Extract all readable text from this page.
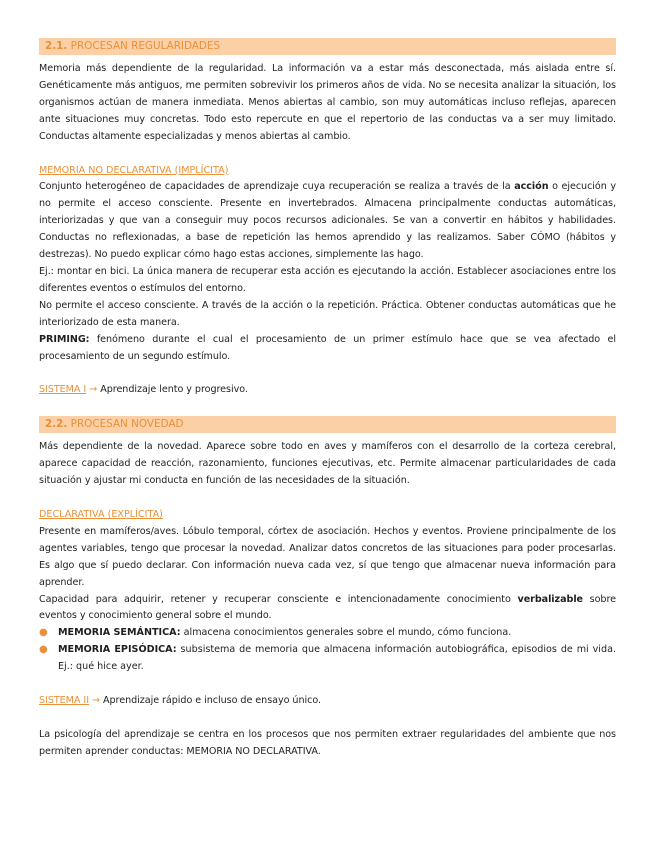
2.1. PROCESAN REGULARIDADES

Memoria más dependiente de la regularidad. La información va a estar más desconectada, más aislada entre sí. Genéticamente más antiguos, me permiten sobrevivir los primeros años de vida. No se necesita analizar la situación, los organismos actúan de manera inmediata. Menos abiertas al cambio, son muy automáticas incluso reflejas, aparecen ante situaciones muy concretas. Todo esto repercute en que el repertorio de las conductas va a ser muy limitado. Conductas altamente especializadas y menos abiertas al cambio.

MEMORIA NO DECLARATIVA (IMPLÍCITA)

Conjunto heterogéneo de capacidades de aprendizaje cuya recuperación se realiza a través de la acción o ejecución y no permite el acceso consciente. Presente en invertebrados. Almacena principalmente conductas automáticas, interiorizadas y que van a conseguir muy pocos recursos adicionales. Se van a convertir en hábitos y habilidades. Conductas no reflexionadas, a base de repetición las hemos aprendido y las realizamos. Saber CÓMO (hábitos y destrezas). No puedo explicar cómo hago estas acciones, simplemente las hago.

Ej.: montar en bici. La única manera de recuperar esta acción es ejecutando la acción. Establecer asociaciones entre los diferentes eventos o estímulos del entorno.

No permite el acceso consciente. A través de la acción o la repetición. Práctica. Obtener conductas automáticas que he interiorizado de esta manera.

PRIMING: fenómeno durante el cual el procesamiento de un primer estímulo hace que se vea afectado el procesamiento de un segundo estímulo.

SISTEMA I → Aprendizaje lento y progresivo.

2.2. PROCESAN NOVEDAD

Más dependiente de la novedad. Aparece sobre todo en aves y mamíferos con el desarrollo de la corteza cerebral, aparece capacidad de reacción, razonamiento, funciones ejecutivas, etc. Permite almacenar particularidades de cada situación y ajustar mi conducta en función de las necesidades de la situación.

DECLARATIVA (EXPLÍCITA)

Presente en mamíferos/aves. Lóbulo temporal, córtex de asociación. Hechos y eventos. Proviene principalmente de los agentes variables, tengo que procesar la novedad. Analizar datos concretos de las situaciones para poder procesarlas. Es algo que sí puedo declarar. Con información nueva cada vez, sí que tengo que almacenar nueva información para aprender.

Capacidad para adquirir, retener y recuperar consciente e intencionadamente conocimiento verbalizable sobre eventos y conocimiento general sobre el mundo.

● MEMORIA SEMÁNTICA: almacena conocimientos generales sobre el mundo, cómo funciona.
● MEMORIA EPISÓDICA: subsistema de memoria que almacena información autobiográfica, episodios de mi vida. Ej.: qué hice ayer.

SISTEMA II → Aprendizaje rápido e incluso de ensayo único.

La psicología del aprendizaje se centra en los procesos que nos permiten extraer regularidades del ambiente que nos permiten aprender conductas: MEMORIA NO DECLARATIVA.
